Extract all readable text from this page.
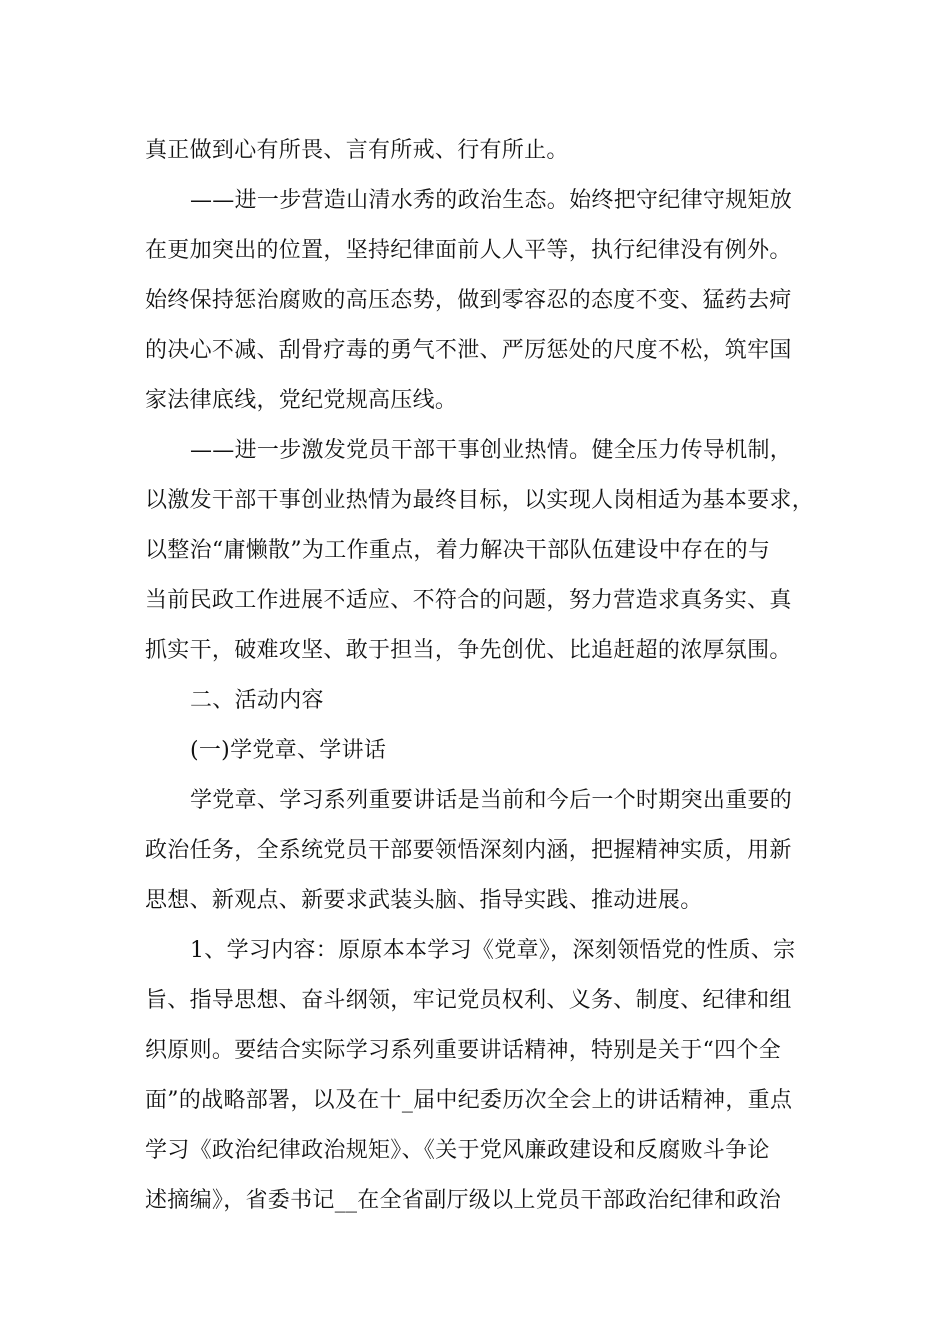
真正做到心有所畏、言有所戒、行有所止。
——进一步营造山清水秀的政治生态。始终把守纪律守规矩放
在更加突出的位置，坚持纪律面前人人平等，执行纪律没有例外。
始终保持惩治腐败的高压态势，做到零容忍的态度不变、猛药去疴
的决心不减、刮骨疗毒的勇气不泄、严厉惩处的尺度不松，筑牢国
家法律底线，党纪党规高压线。
——进一步激发党员干部干事创业热情。健全压力传导机制，
以激发干部干事创业热情为最终目标，以实现人岗相适为基本要求，
以整治“庸懒散”为工作重点，着力解决干部队伍建设中存在的与
当前民政工作进展不适应、不符合的问题，努力营造求真务实、真
抓实干，破难攻坚、敢于担当，争先创优、比追赶超的浓厚氛围。
二、活动内容
(一)学党章、学讲话
学党章、学习系列重要讲话是当前和今后一个时期突出重要的
政治任务，全系统党员干部要领悟深刻内涵，把握精神实质，用新
思想、新观点、新要求武装头脑、指导实践、推动进展。
1、学习内容：原原本本学习《党章》，深刻领悟党的性质、宗
旨、指导思想、奋斗纲领，牢记党员权利、义务、制度、纪律和组
织原则。要结合实际学习系列重要讲话精神，特别是关于“四个全
面”的战略部署，以及在十_届中纪委历次全会上的讲话精神，重点
学习《政治纪律政治规矩》、《关于党风廉政建设和反腐败斗争论
述摘编》，省委书记__在全省副厅级以上党员干部政治纪律和政治
